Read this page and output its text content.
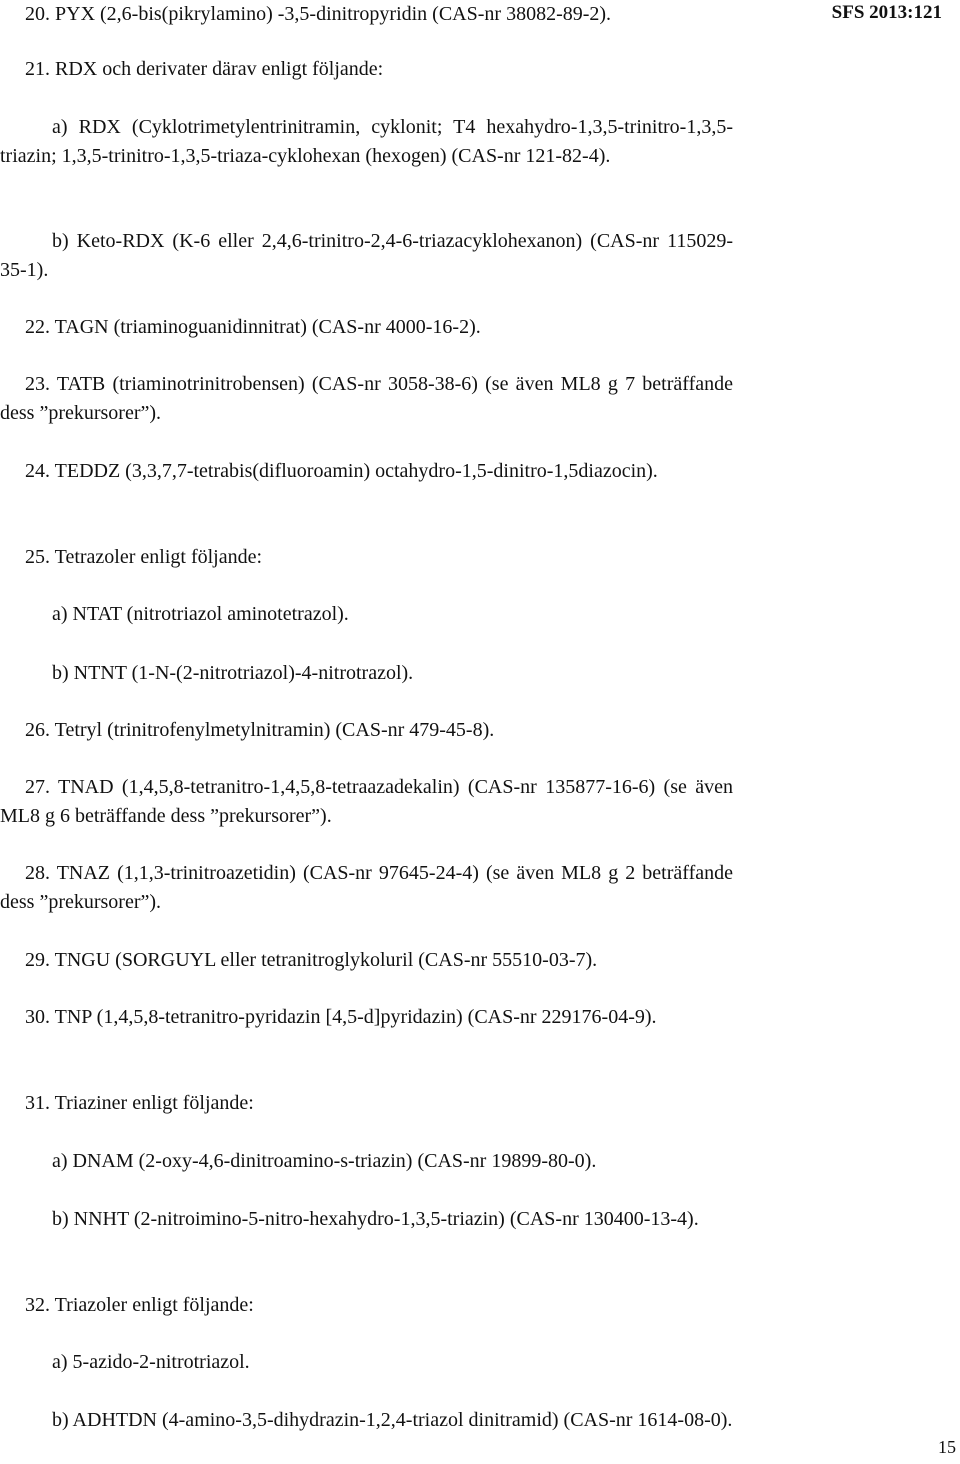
SFS 2013:121
20. PYX (2,6-bis(pikrylamino) -3,5-dinitropyridin (CAS-nr 38082-89-2).
21. RDX och derivater därav enligt följande:
a) RDX (Cyklotrimetylentrinitramin, cyklonit; T4 hexahydro-1,3,5-trinitro-1,3,5-triazin; 1,3,5-trinitro-1,3,5-triaza-cyklohexan (hexogen) (CAS-nr 121-82-4).
b) Keto-RDX (K-6 eller 2,4,6-trinitro-2,4-6-triazacyklohexanon) (CAS-nr 115029-35-1).
22. TAGN (triaminoguanidinnitrat) (CAS-nr 4000-16-2).
23. TATB (triaminotrinitrobensen) (CAS-nr 3058-38-6) (se även ML8 g 7 beträffande dess ”prekursorer”).
24. TEDDZ (3,3,7,7-tetrabis(difluoroamin) octahydro-1,5-dinitro-1,5diazocin).
25. Tetrazoler enligt följande:
a) NTAT (nitrotriazol aminotetrazol).
b) NTNT (1-N-(2-nitrotriazol)-4-nitrotrazol).
26. Tetryl (trinitrofenylmetylnitramin) (CAS-nr 479-45-8).
27. TNAD (1,4,5,8-tetranitro-1,4,5,8-tetraazadekalin) (CAS-nr 135877-16-6) (se även ML8 g 6 beträffande dess ”prekursorer”).
28. TNAZ (1,1,3-trinitroazetidin) (CAS-nr 97645-24-4) (se även ML8 g 2 beträffande dess ”prekursorer”).
29. TNGU (SORGUYL eller tetranitroglykoluril (CAS-nr 55510-03-7).
30. TNP (1,4,5,8-tetranitro-pyridazin [4,5-d]pyridazin) (CAS-nr 229176-04-9).
31. Triaziner enligt följande:
a) DNAM (2-oxy-4,6-dinitroamino-s-triazin) (CAS-nr 19899-80-0).
b) NNHT (2-nitroimino-5-nitro-hexahydro-1,3,5-triazin) (CAS-nr 130400-13-4).
32. Triazoler enligt följande:
a) 5-azido-2-nitrotriazol.
b) ADHTDN (4-amino-3,5-dihydrazin-1,2,4-triazol dinitramid) (CAS-nr 1614-08-0).
15
